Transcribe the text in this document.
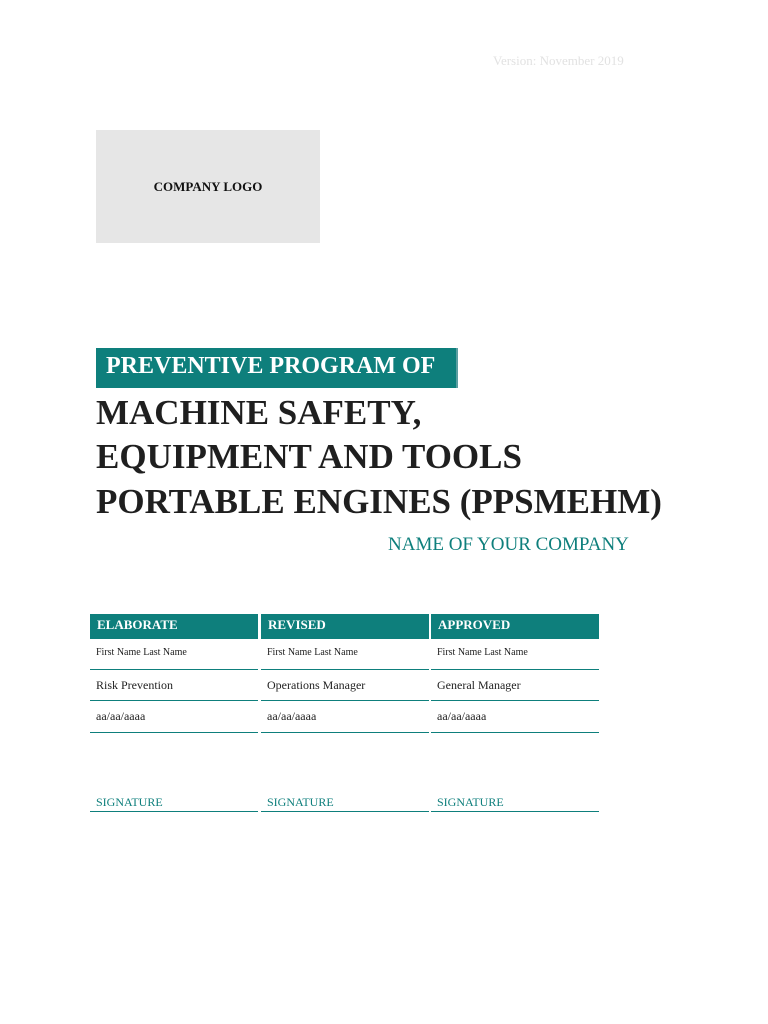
Version: November 2019
COMPANY LOGO
PREVENTIVE PROGRAM OF
MACHINE SAFETY,
EQUIPMENT AND TOOLS
PORTABLE ENGINES (PPSMEHM)
NAME OF YOUR COMPANY
ELABORATE
First Name Last Name
Risk Prevention
aa/aa/aaaa
REVISED
First Name Last Name
Operations Manager
aa/aa/aaaa
APPROVED
First Name Last Name
General Manager
aa/aa/aaaa
SIGNATURE	SIGNATURE	SIGNATURE
